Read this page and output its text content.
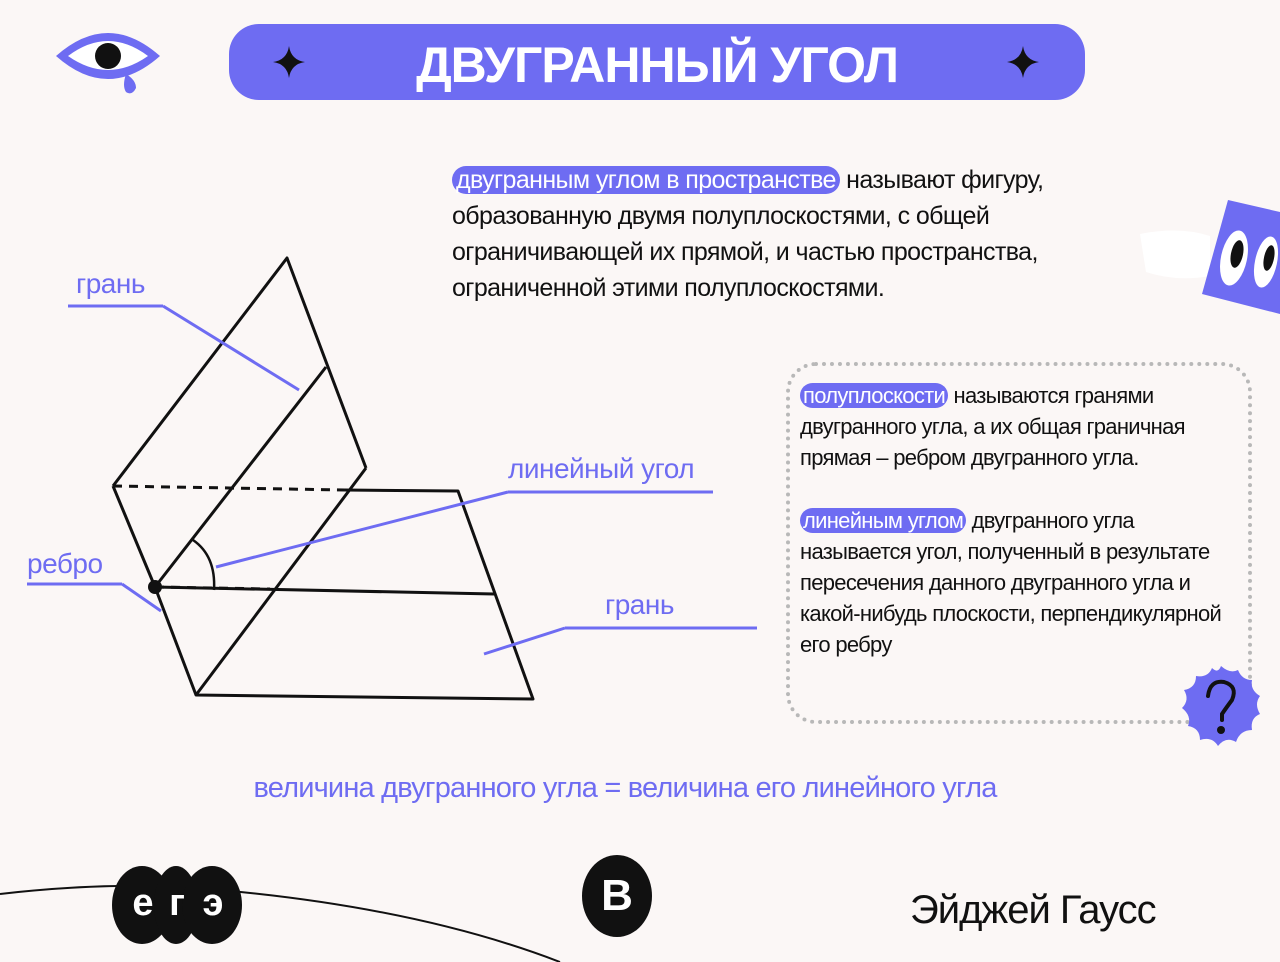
ДВУГРАННЫЙ УГОЛ
двугранным углом в пространстве называют фигуру,
образованную двумя полуплоскостями, с общей
ограничивающей их прямой, и частью пространства,
ограниченной этими полуплоскостями.
грань
ребро
линейный угол
грань
полуплоскости называются гранями двугранного угла, а их общая граничная прямая – ребром двугранного угла.
линейным углом двугранного угла называется угол, полученный в результате пересечения данного двугранного угла и какой-нибудь плоскости, перпендикулярной его ребру
величина двугранного угла = величина его линейного угла
е г э	В	Эйджей Гаусс
